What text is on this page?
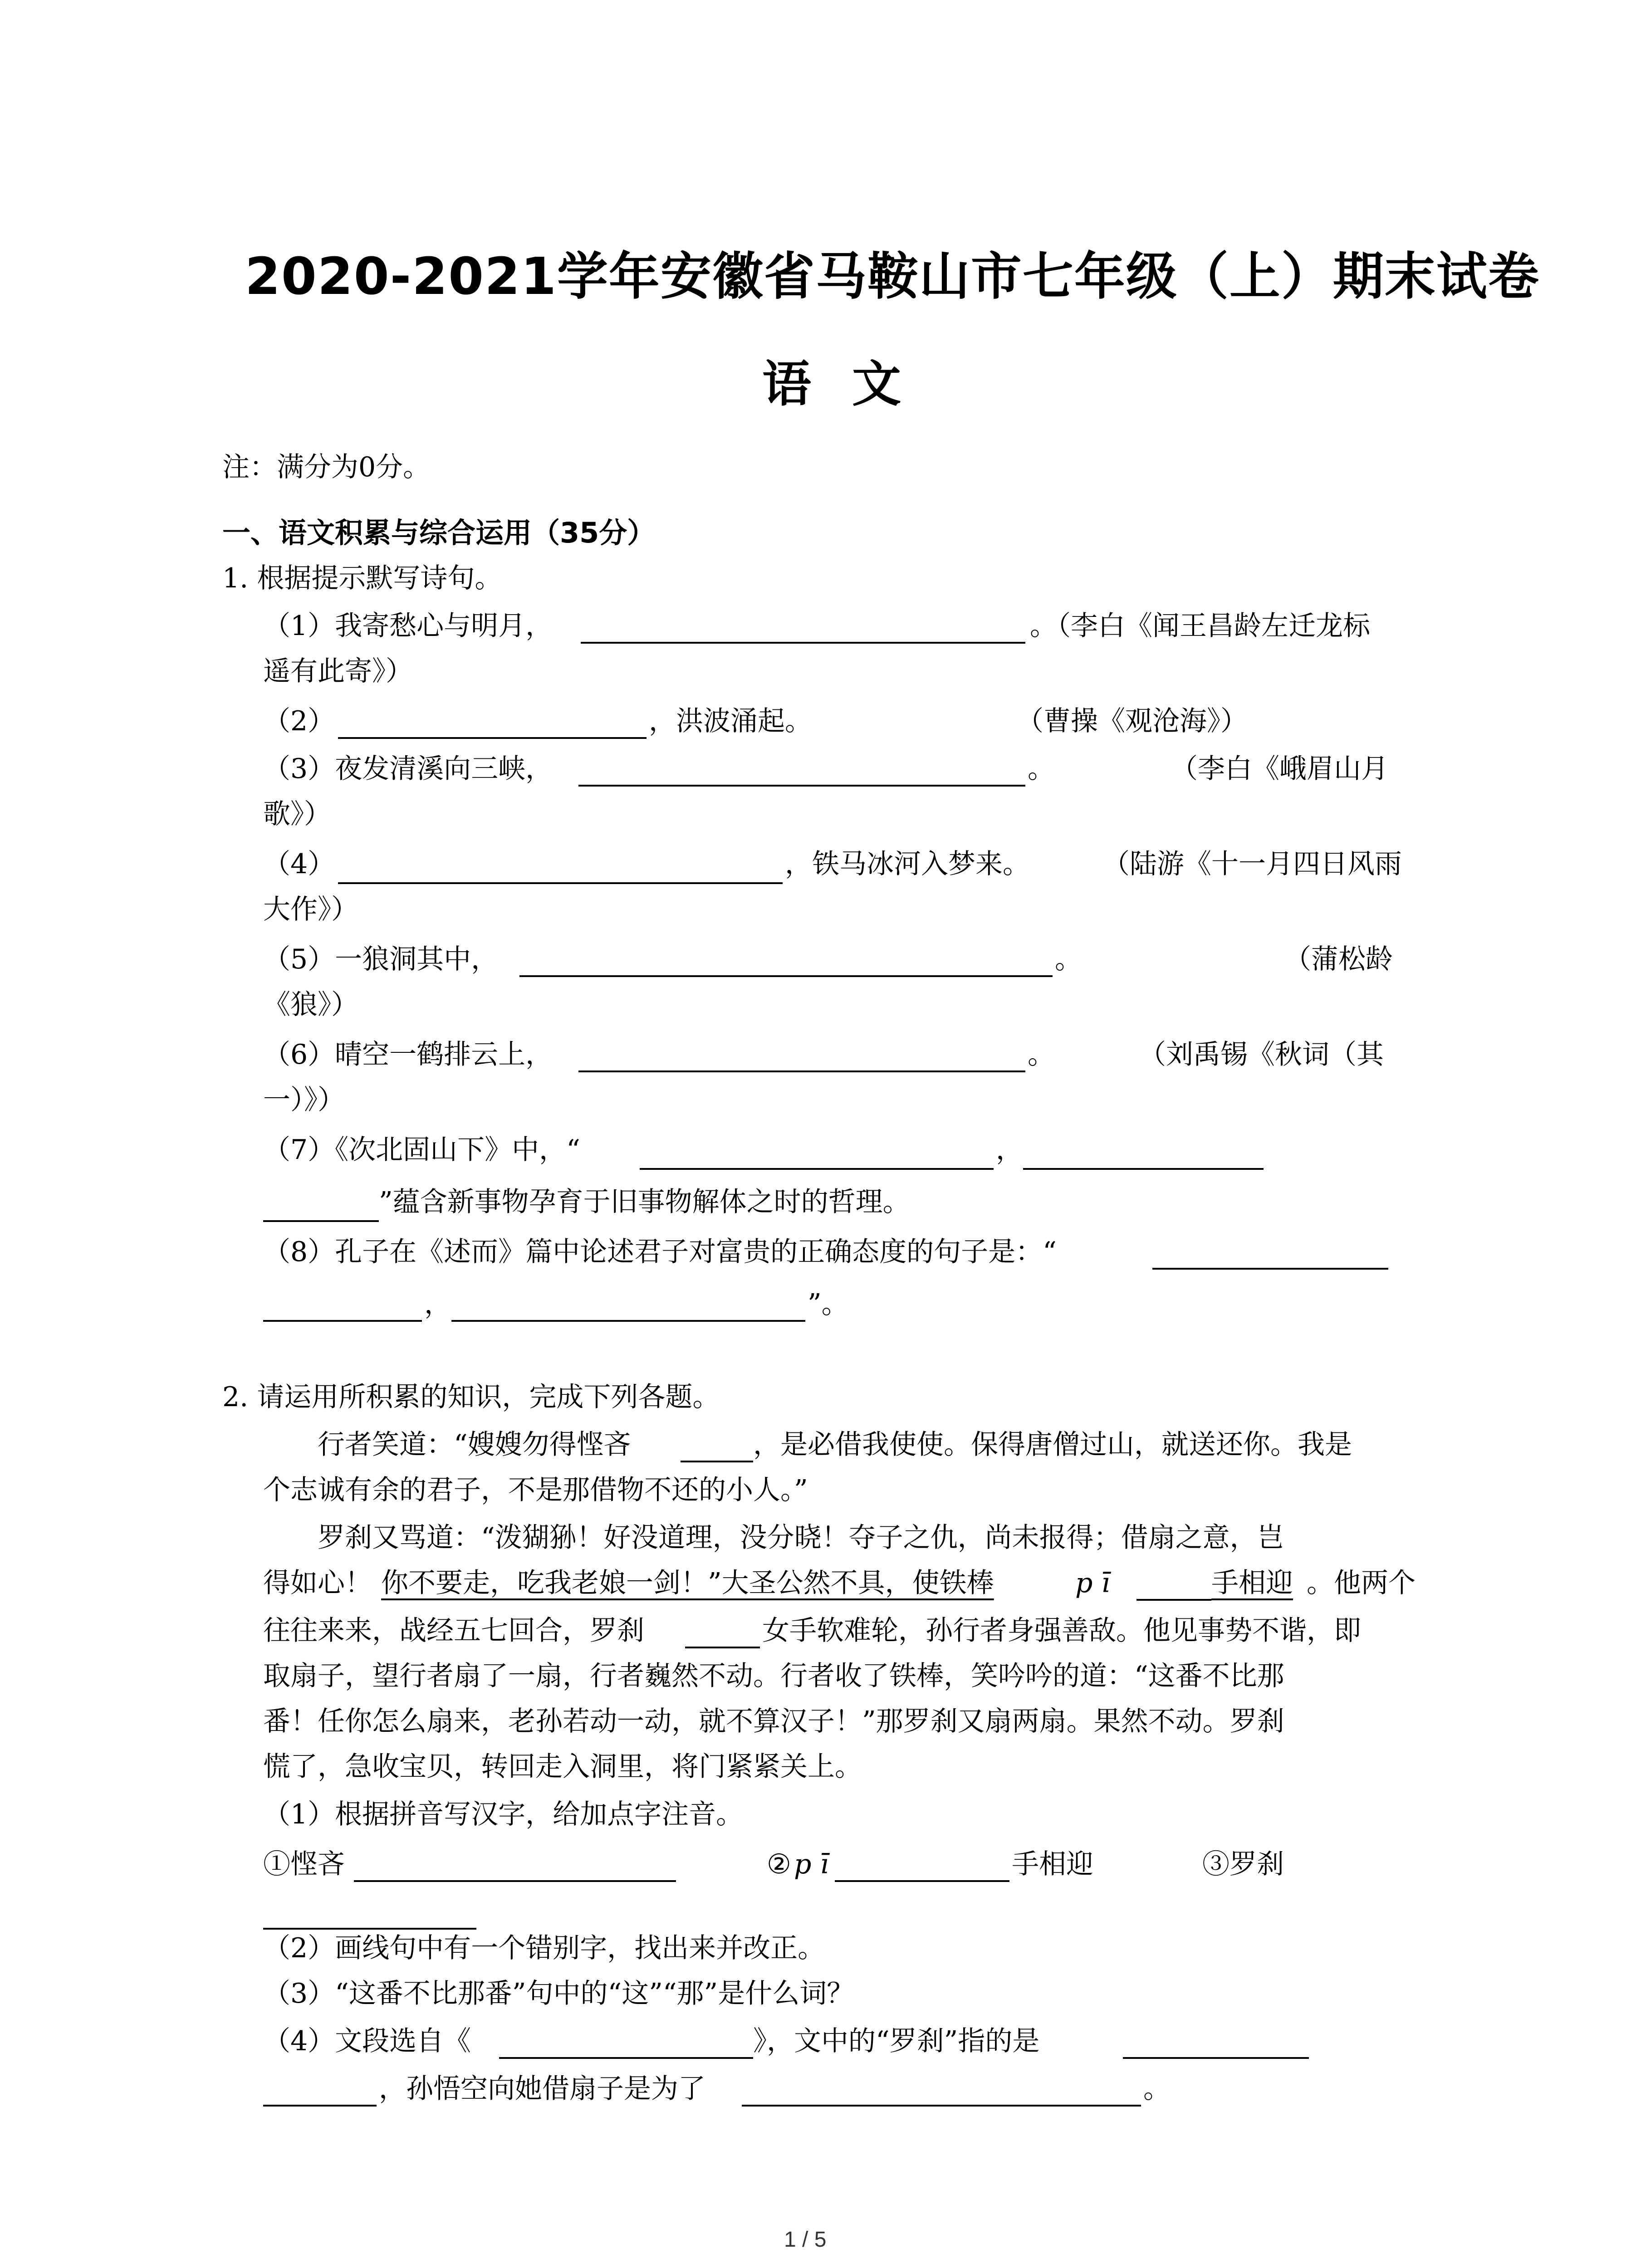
2020-2021学年安徽省马鞍山市七年级（上）期末试卷
语文
注：满分为0分。
一、语文积累与综合运用（35分）
1. 根据提示默写诗句。
（1）我寄愁心与明月，	。（李白《闻王昌龄左迁龙标
遥有此寄》）
（2）	，洪波涌起。	（曹操《观沧海》）
（3）夜发清溪向三峡，	。	（李白《峨眉山月
歌》）
（4）	，铁马冰河入梦来。	（陆游《十一月四日风雨
大作》）
（5）一狼洞其中，	。	（蒲松龄
《狼》）
（6）晴空一鹤排云上，	。	（刘禹锡《秋词（其
一）》）
（7）《次北固山下》中，“	，
”蕴含新事物孕育于旧事物解体之时的哲理。
（8）孔子在《述而》篇中论述君子对富贵的正确态度的句子是：“
，	”。
2. 请运用所积累的知识，完成下列各题。
行者笑道：“嫂嫂勿得悭吝	，是必借我使使。保得唐僧过山，就送还你。我是
个志诚有余的君子，不是那借物不还的小人。”
罗刹又骂道：“泼猢狲！好没道理，没分晓！夺子之仇，尚未报得；借扇之意，岂
得如心！ 你不要走，吃我老娘一剑！”大圣公然不具，使铁棒	p ī	手相迎 。他两个
往往来来，战经五七回合，罗刹	女手软难轮，孙行者身强善敌。他见事势不谐，即
取扇子，望行者扇了一扇，行者巍然不动。行者收了铁棒，笑吟吟的道：“这番不比那
番！任你怎么扇来，老孙若动一动，就不算汉子！”那罗刹又扇两扇。果然不动。罗刹
慌了，急收宝贝，转回走入洞里，将门紧紧关上。
（1）根据拼音写汉字，给加点字注音。
①悭吝	② p ī	手相迎	③罗刹
（2）画线句中有一个错别字，找出来并改正。
（3）“这番不比那番”句中的“这”“那”是什么词？
（4）文段选自《	》，文中的“罗刹”指的是
，孙悟空向她借扇子是为了	。
1 / 5
